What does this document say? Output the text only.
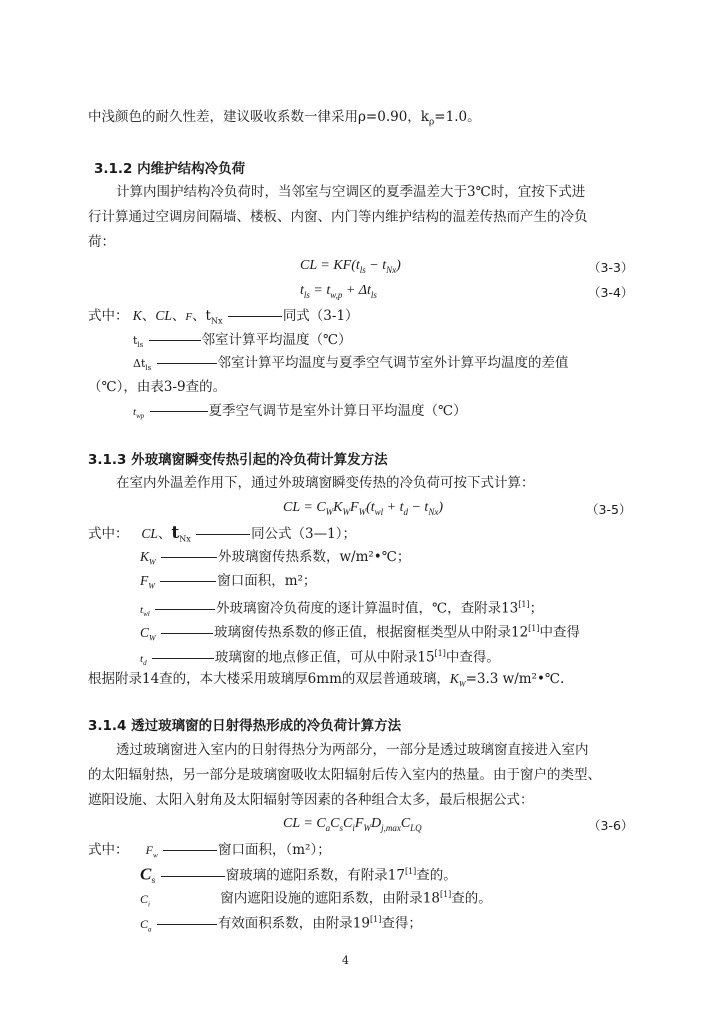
中浅颜色的耐久性差，建议吸收系数一律采用ρ=0.90，$k_\rho=1.0$。
3.1.2 内维护结构冷负荷
计算内围护结构冷负荷时，当邻室与空调区的夏季温差大于3℃时，宜按下式进
行计算通过空调房间隔墙、楼板、内窗、内门等内维护结构的温差传热而产生的冷负
荷：
CL = $KF(t_{ls} - t_{Nx})$	（3-3）
$t_{ls} = t_{w,p} + \Delta t_{ls}$	（3-4）
式中： K、CL、F、$t_{Nx}$	同式（3-1）
$t_{ls}$	邻室计算平均温度（℃）
$\Delta t_{ls}$	邻室计算平均温度与夏季空气调节室外计算平均温度的差值
（℃），由表3-9查的。
$t_{wp}$	夏季空气调节是室外计算日平均温度（℃）
3.1.3 外玻璃窗瞬变传热引起的冷负荷计算发方法
在室内外温差作用下，通过外玻璃窗瞬变传热的冷负荷可按下式计算：
CL = $C_WK_WF_W(t_{wl} + t_d - t_{Nx})$	（3-5）
式中： CL、$t_{Nx}$	同公式（3—1）；
$K_W$	外玻璃窗传热系数，w/m²•℃；
$F_W$	窗口面积，m²；
$t_{wl}$	外玻璃窗冷负荷度的逐计算温时值，℃，查附录13[1]；
$C_W$	玻璃窗传热系数的修正值，根据窗框类型从中附录12[1]中查得
$t_d$	玻璃窗的地点修正值，可从中附录15[1]中查得。
根据附录14查的，本大楼采用玻璃厚6mm的双层普通玻璃，$K_W=3.3$ w/m²•℃.
3.1.4 透过玻璃窗的日射得热形成的冷负荷计算方法
透过玻璃窗进入室内的日射得热分为两部分，一部分是透过玻璃窗直接进入室内
的太阳辐射热，另一部分是玻璃窗吸收太阳辐射后传入室内的热量。由于窗户的类型、
遮阳设施、太阳入射角及太阳辐射等因素的各种组合太多，最后根据公式：
CL = $C_aC_sC_iF_WD_{j,max}C_{LQ}$	（3-6）
式中： $F_w$	窗口面积，（m²）；
$C_s$	窗玻璃的遮阳系数，有附录17[1]查的。
$C_i$	窗内遮阳设施的遮阳系数，由附录18[1]查的。
$C_a$	有效面积系数，由附录19[1]查得；
4
